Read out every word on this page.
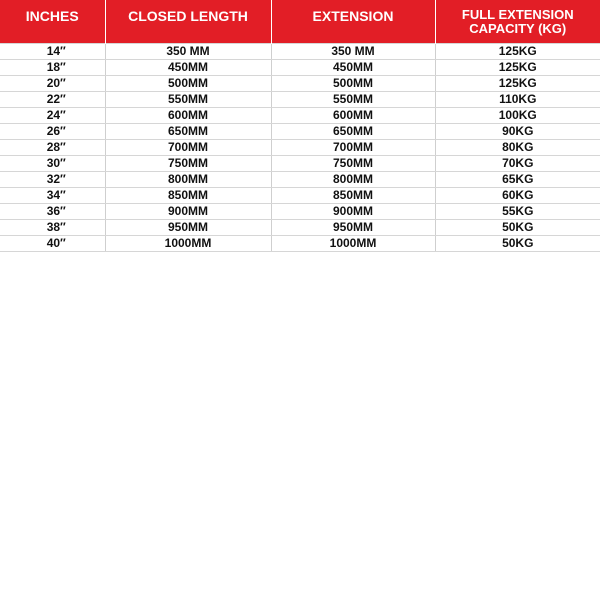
INCHES	CLOSED LENGTH	EXTENSION	FULL EXTENSION
CAPACITY (KG)

14″	350 MM	350 MM	125KG
18″	450MM	450MM	125KG
20″	500MM	500MM	125KG
22″	550MM	550MM	110KG
24″	600MM	600MM	100KG
26″	650MM	650MM	90KG
28″	700MM	700MM	80KG
30″	750MM	750MM	70KG
32″	800MM	800MM	65KG
34″	850MM	850MM	60KG
36″	900MM	900MM	55KG
38″	950MM	950MM	50KG
40″	1000MM	1000MM	50KG
